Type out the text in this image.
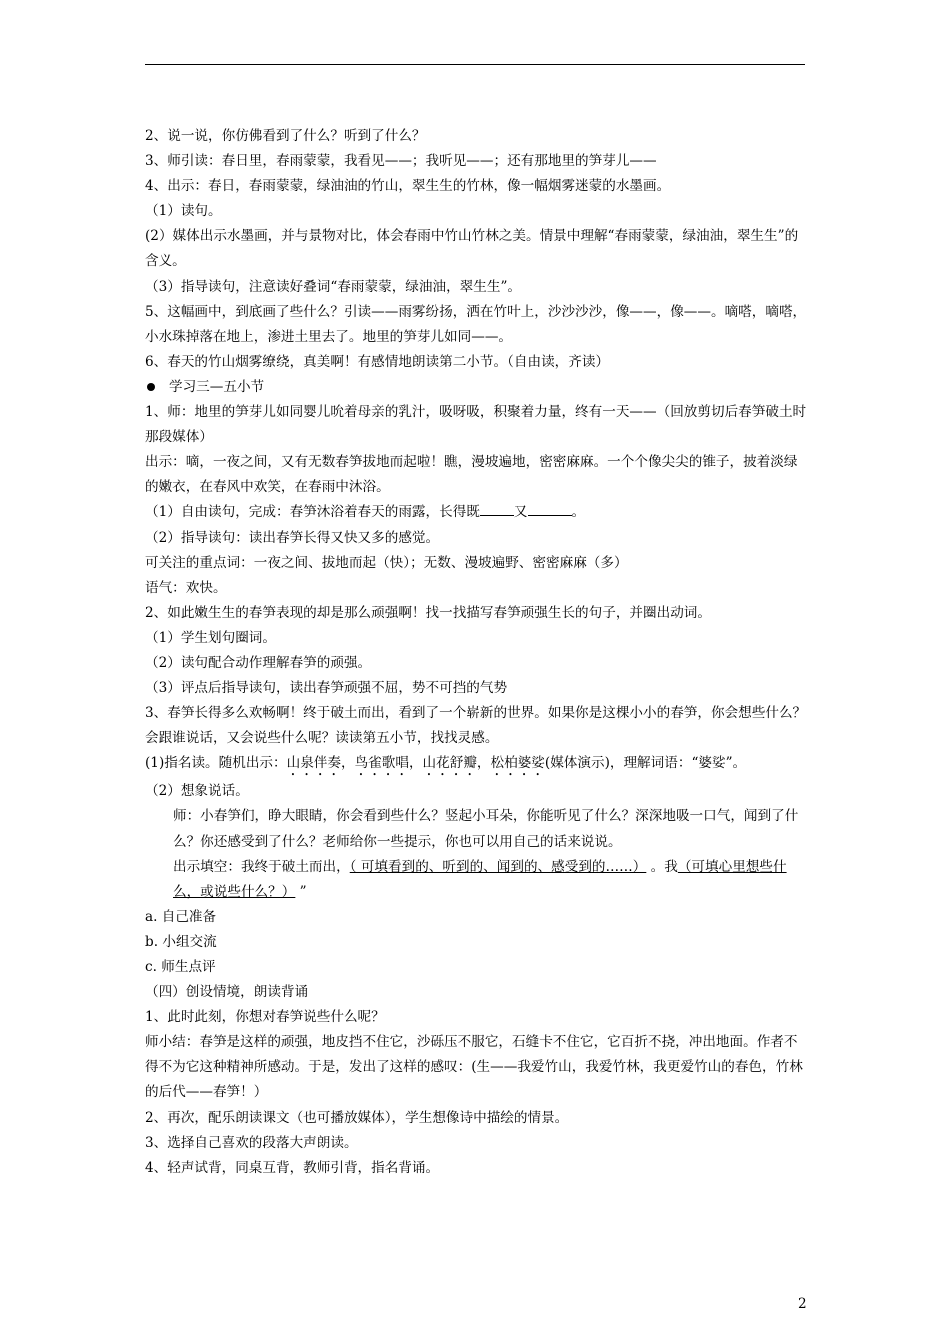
2、说一说，你仿佛看到了什么？听到了什么？
3、师引读：春日里，春雨蒙蒙，我看见——；我听见——；还有那地里的笋芽儿——
4、出示：春日，春雨蒙蒙，绿油油的竹山，翠生生的竹林，像一幅烟雾迷蒙的水墨画。
（1）读句。
(2）媒体出示水墨画，并与景物对比，体会春雨中竹山竹林之美。情景中理解“春雨蒙蒙，绿油油，翠生生”的含义。
（3）指导读句，注意读好叠词“春雨蒙蒙，绿油油，翠生生”。
5、这幅画中，到底画了些什么？引读——雨雾纷扬，洒在竹叶上，沙沙沙沙，像——，像——。嘀嗒，嘀嗒，小水珠掉落在地上，渗进土里去了。地里的笋芽儿如同——。
6、春天的竹山烟雾缭绕，真美啊！有感情地朗读第二小节。（自由读，齐读）
学习三—五小节
1、师：地里的笋芽儿如同婴儿吮着母亲的乳汁，吸呀吸，积聚着力量，终有一天——（回放剪切后春笋破土时那段媒体）
出示：嘀，一夜之间，又有无数春笋拔地而起啦！瞧，漫坡遍地，密密麻麻。一个个像尖尖的锥子，披着淡绿的嫩衣，在春风中欢笑，在春雨中沐浴。
（1）自由读句，完成：春笋沐浴着春天的雨露，长得既	又	。
（2）指导读句：读出春笋长得又快又多的感觉。
可关注的重点词：一夜之间、拔地而起（快）；无数、漫坡遍野、密密麻麻（多）
语气：欢快。
2、如此嫩生生的春笋表现的却是那么顽强啊！找一找描写春笋顽强生长的句子，并圈出动词。
（1）学生划句圈词。
（2）读句配合动作理解春笋的顽强。
（3）评点后指导读句，读出春笋顽强不屈，势不可挡的气势
3、春笋长得多么欢畅啊！终于破土而出，看到了一个崭新的世界。如果你是这棵小小的春笋，你会想些什么？会跟谁说话，又会说些什么呢？读读第五小节，找找灵感。
(1)指名读。随机出示：山泉伴奏，鸟雀歌唱，山花舒瓣，松柏婆娑(媒体演示)，理解词语：“婆娑”。
（2）想象说话。
师：小春笋们，睁大眼睛，你会看到些什么？竖起小耳朵，你能听见了什么？深深地吸一口气，闻到了什么？你还感受到了什么？老师给你一些提示，你也可以用自己的话来说说。
出示填空：我终于破土而出，（ 可填看到的、听到的、闻到的、感受到的……） 。我（可填心里想些什么，或说些什么？） ”
a. 自己准备
b. 小组交流
c. 师生点评
（四）创设情境，朗读背诵
1、此时此刻，你想对春笋说些什么呢？
师小结：春笋是这样的顽强，地皮挡不住它，沙砾压不服它，石缝卡不住它，它百折不挠，冲出地面。作者不得不为它这种精神所感动。于是，发出了这样的感叹：(生——我爱竹山，我爱竹林，我更爱竹山的春色，竹林的后代——春笋！）
2、再次，配乐朗读课文（也可播放媒体），学生想像诗中描绘的情景。
3、选择自己喜欢的段落大声朗读。
4、轻声试背，同桌互背，教师引背，指名背诵。
2
